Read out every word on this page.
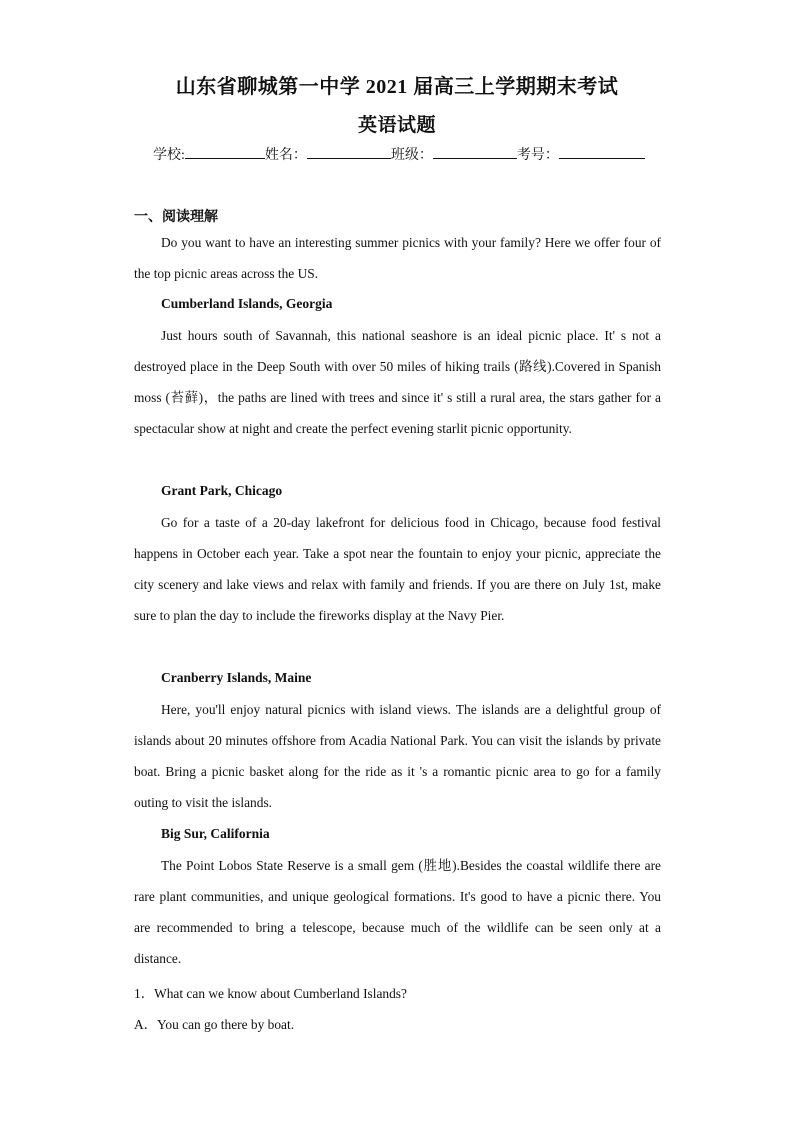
山东省聊城第一中学 2021 届高三上学期期末考试
英语试题
学校:	姓名：	班级：	考号：
一、阅读理解
Do you want to have an interesting summer picnics with your family? Here we offer four of the top picnic areas across the US.
Cumberland Islands, Georgia
Just hours south of Savannah, this national seashore is an ideal picnic place. It' s not a destroyed place in the Deep South with over 50 miles of hiking trails (路线).Covered in Spanish moss (苔藓)，the paths are lined with trees and since it' s still a rural area, the stars gather for a spectacular show at night and create the perfect evening starlit picnic opportunity.
Grant Park, Chicago
Go for a taste of a 20-day lakefront for delicious food in Chicago, because food festival happens in October each year. Take a spot near the fountain to enjoy your picnic, appreciate the city scenery and lake views and relax with family and friends. If you are there on July 1st, make sure to plan the day to include the fireworks display at the Navy Pier.
Cranberry Islands, Maine
Here, you'll enjoy natural picnics with island views. The islands are a delightful group of islands about 20 minutes offshore from Acadia National Park. You can visit the islands by private boat. Bring a picnic basket along for the ride as it 's a romantic picnic area to go for a family outing to visit the islands.
Big Sur, California
The Point Lobos State Reserve is a small gem (胜地).Besides the coastal wildlife there are rare plant communities, and unique geological formations. It's good to have a picnic there. You are recommended to bring a telescope, because much of the wildlife can be seen only at a distance.
1．What can we know about Cumberland Islands?
A．You can go there by boat.
